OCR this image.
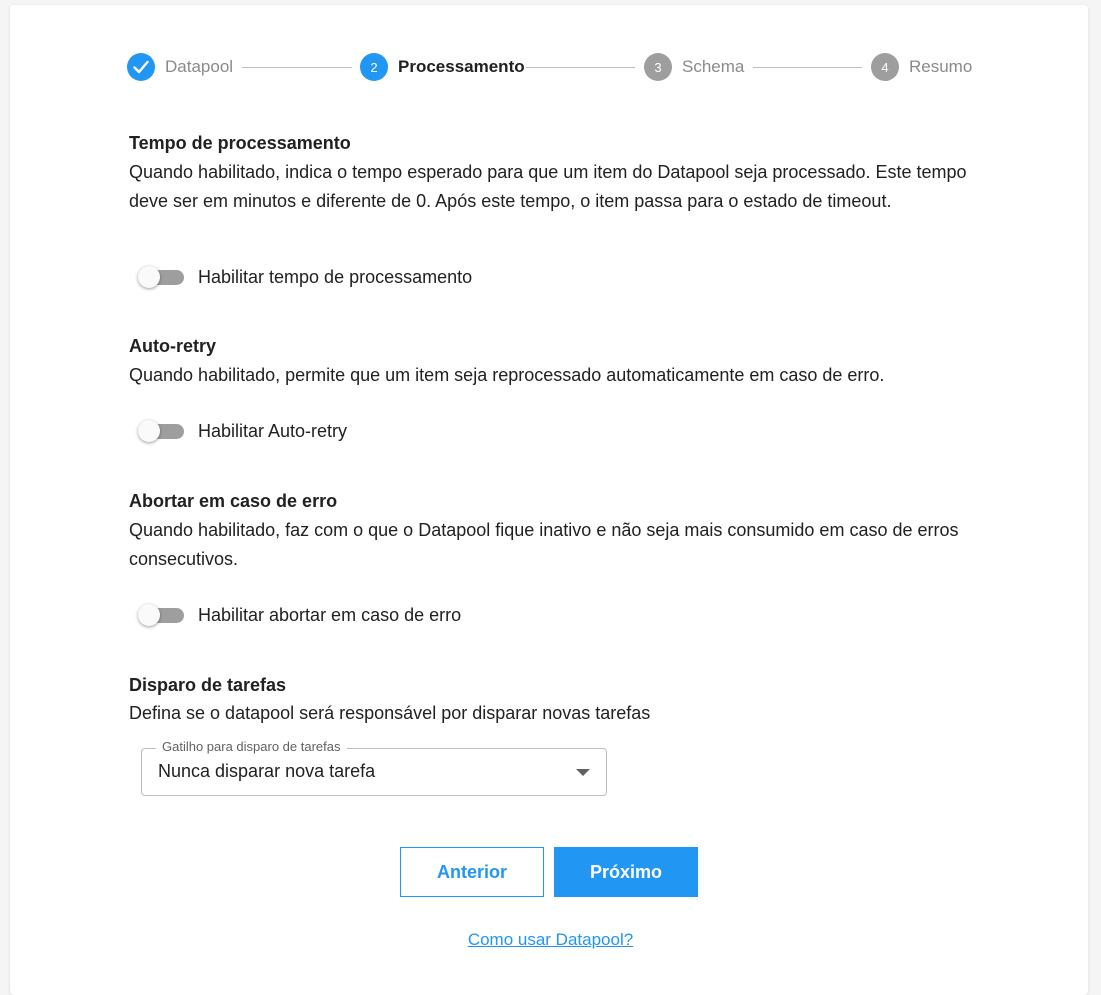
Datapool	2	Processamento	3	Schema	4	Resumo
Tempo de processamento
Quando habilitado, indica o tempo esperado para que um item do Datapool seja processado. Este tempo deve ser em minutos e diferente de 0. Após este tempo, o item passa para o estado de timeout.
Habilitar tempo de processamento
Auto-retry
Quando habilitado, permite que um item seja reprocessado automaticamente em caso de erro.
Habilitar Auto-retry
Abortar em caso de erro
Quando habilitado, faz com o que o Datapool fique inativo e não seja mais consumido em caso de erros consecutivos.
Habilitar abortar em caso de erro
Disparo de tarefas
Defina se o datapool será responsável por disparar novas tarefas
Gatilho para disparo de tarefas
Nunca disparar nova tarefa
Anterior	Próximo
Como usar Datapool?
